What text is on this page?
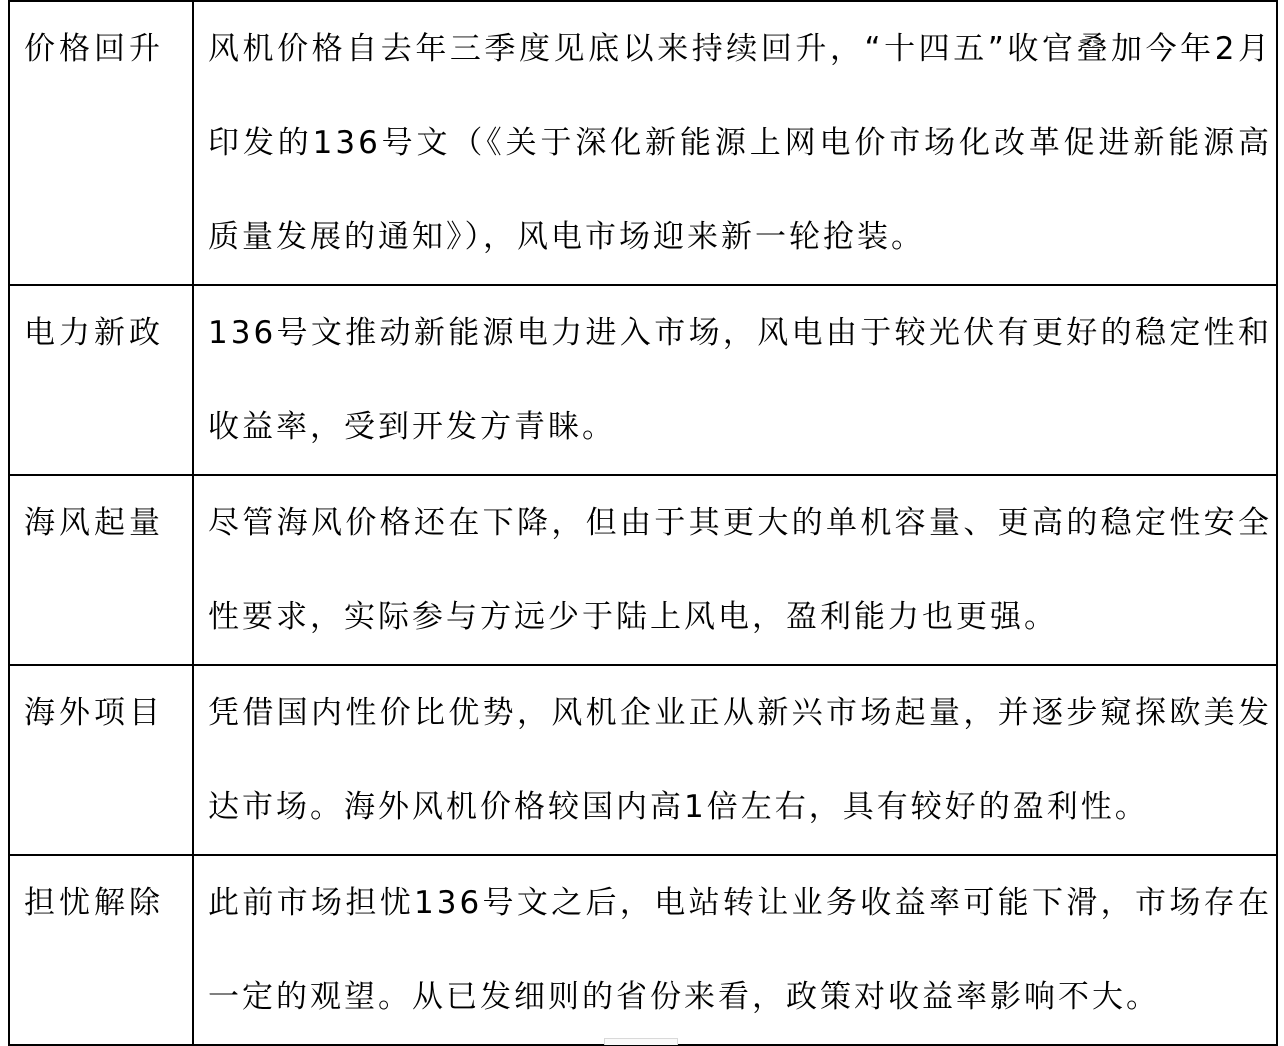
价格回升	风机价格自去年三季度见底以来持续回升，“十四五”收官叠加今年2月印发的136号文（《关于深化新能源上网电价市场化改革促进新能源高质量发展的通知》），风电市场迎来新一轮抢装。
电力新政	136号文推动新能源电力进入市场，风电由于较光伏有更好的稳定性和收益率，受到开发方青睐。
海风起量	尽管海风价格还在下降，但由于其更大的单机容量、更高的稳定性安全性要求，实际参与方远少于陆上风电，盈利能力也更强。
海外项目	凭借国内性价比优势，风机企业正从新兴市场起量，并逐步窥探欧美发达市场。海外风机价格较国内高1倍左右，具有较好的盈利性。
担忧解除	此前市场担忧136号文之后，电站转让业务收益率可能下滑，市场存在一定的观望。从已发细则的省份来看，政策对收益率影响不大。
